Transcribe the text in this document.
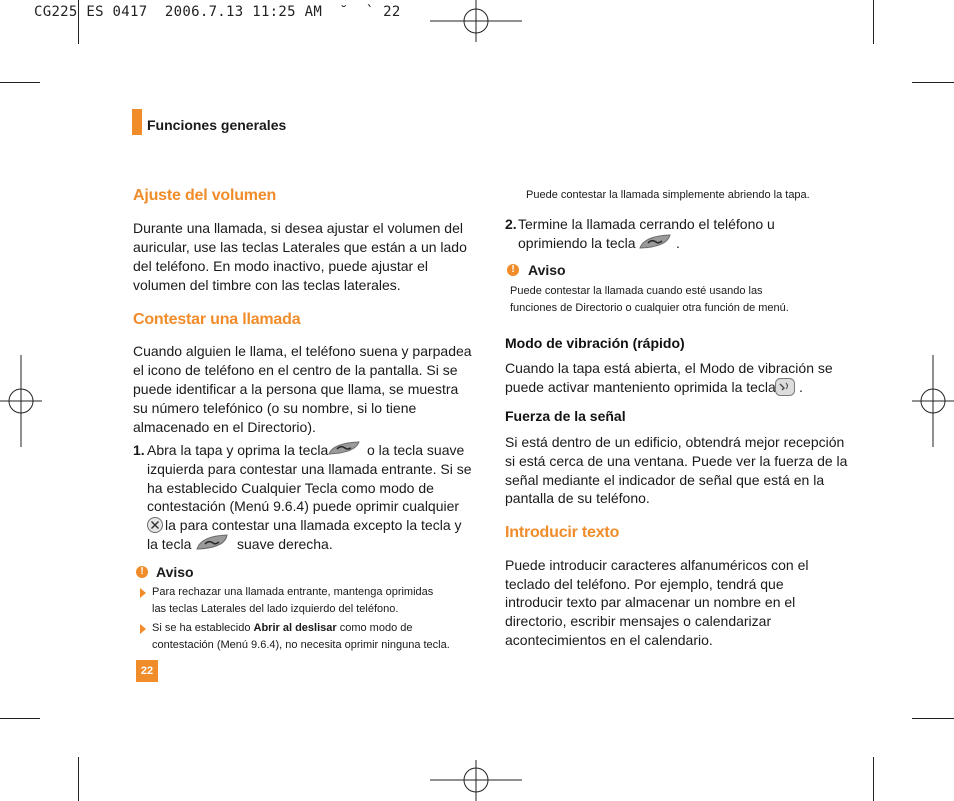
CG225 ES 0417  2006.7.13 11:25 AM  ˘  ` 22
Funciones generales
Ajuste del volumen
Durante una llamada, si desea ajustar el volumen del
auricular, use las teclas Laterales que están a un lado
del teléfono. En modo inactivo, puede ajustar el
volumen del timbre con las teclas laterales.
Contestar una llamada
Cuando alguien le llama, el teléfono suena y parpadea
el icono de teléfono en el centro de la pantalla. Si se
puede identificar a la persona que llama, se muestra
su número telefónico (o su nombre, si lo tiene
almacenado en el Directorio).
1. Abra la tapa y oprima la tecla	o la tecla suave
izquierda para contestar una llamada entrante. Si se
ha establecido Cualquier Tecla como modo de
contestación (Menú 9.6.4) puede oprimir cualquier
la para contestar una llamada excepto la tecla y
la tecla	suave derecha.
! Aviso
Para rechazar una llamada entrante, mantenga oprimidas
las teclas Laterales del lado izquierdo del teléfono.
Si se ha establecido Abrir al deslisar como modo de
contestación (Menú 9.6.4), no necesita oprimir ninguna tecla.
22
Puede contestar la llamada simplemente abriendo la tapa.
2. Termine la llamada cerrando el teléfono u
oprimiendo la tecla	.
! Aviso
Puede contestar la llamada cuando esté usando las
funciones de Directorio o cualquier otra función de menú.
Modo de vibración (rápido)
Cuando la tapa está abierta, el Modo de vibración se
puede activar manteniento oprimida la tecla .
Fuerza de la señal
Si está dentro de un edificio, obtendrá mejor recepción
si está cerca de una ventana. Puede ver la fuerza de la
señal mediante el indicador de señal que está en la
pantalla de su teléfono.
Introducir texto
Puede introducir caracteres alfanuméricos con el
teclado del teléfono. Por ejemplo, tendrá que
introducir texto par almacenar un nombre en el
directorio, escribir mensajes o calendarizar
acontecimientos en el calendario.
